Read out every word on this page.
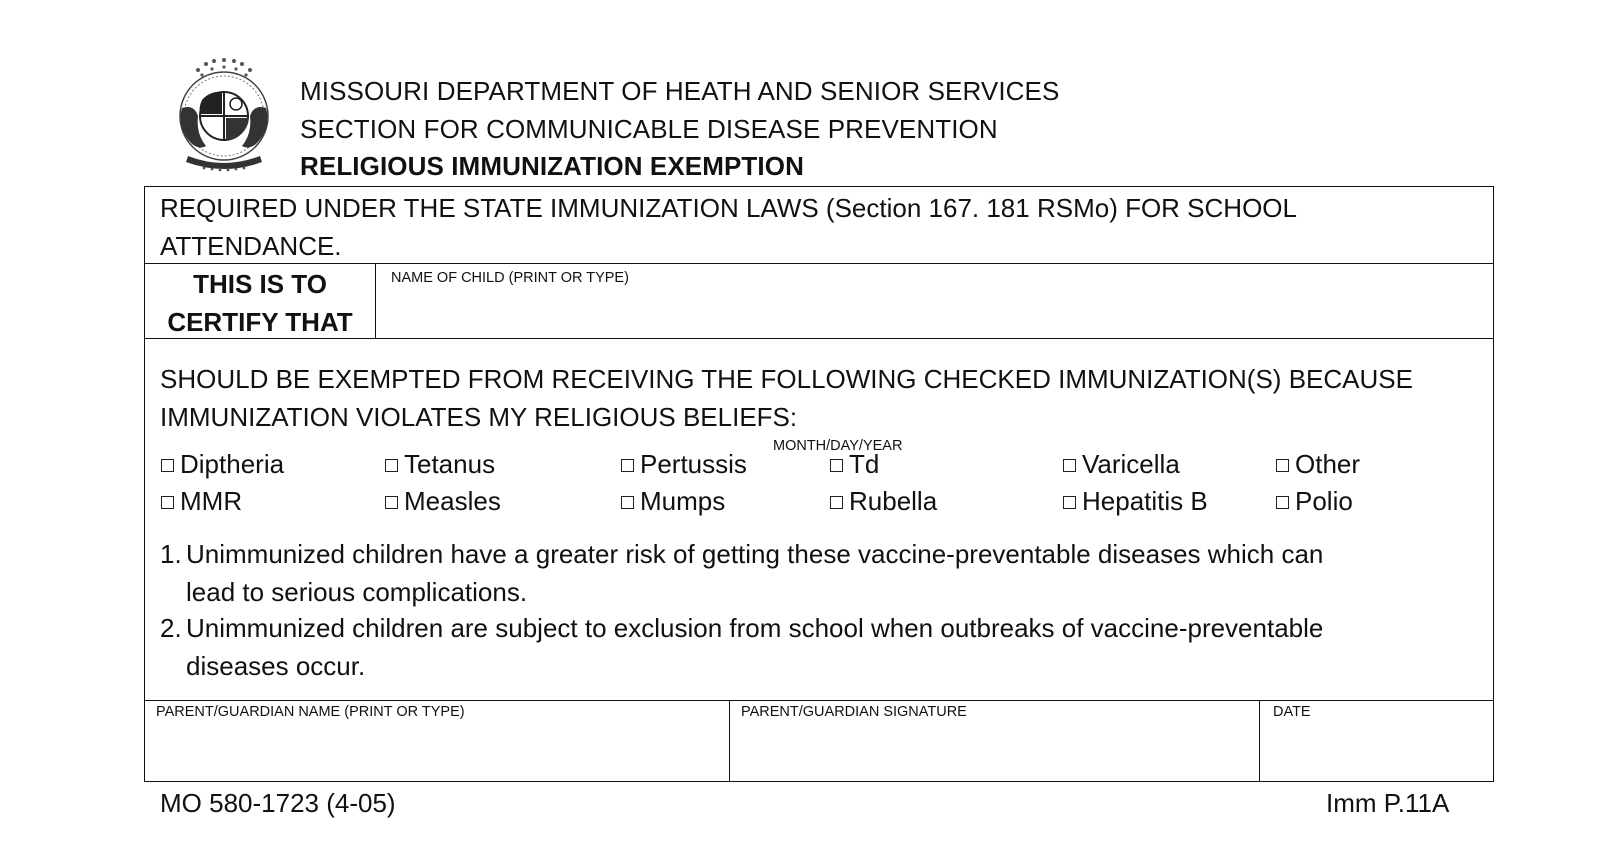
MISSOURI DEPARTMENT OF HEATH AND SENIOR SERVICES
SECTION FOR COMMUNICABLE DISEASE PREVENTION
RELIGIOUS IMMUNIZATION EXEMPTION
REQUIRED UNDER THE STATE IMMUNIZATION LAWS (Section 167. 181 RSMo) FOR SCHOOL ATTENDANCE.
THIS IS TO
CERTIFY THAT
NAME OF CHILD (PRINT OR TYPE)
SHOULD BE EXEMPTED FROM RECEIVING THE FOLLOWING CHECKED IMMUNIZATION(S) BECAUSE IMMUNIZATION VIOLATES MY RELIGIOUS BELIEFS:
MONTH/DAY/YEAR
Diptheria	Tetanus	Pertussis	Td	Varicella	Other
MMR	Measles	Mumps	Rubella	Hepatitis B	Polio
1. Unimmunized children have a greater risk of getting these vaccine-preventable diseases which can
lead to serious complications.
2. Unimmunized children are subject to exclusion from school when outbreaks of vaccine-preventable
diseases occur.
PARENT/GUARDIAN NAME (PRINT OR TYPE)	PARENT/GUARDIAN SIGNATURE	DATE
MO 580-1723 (4-05)	Imm P.11A
